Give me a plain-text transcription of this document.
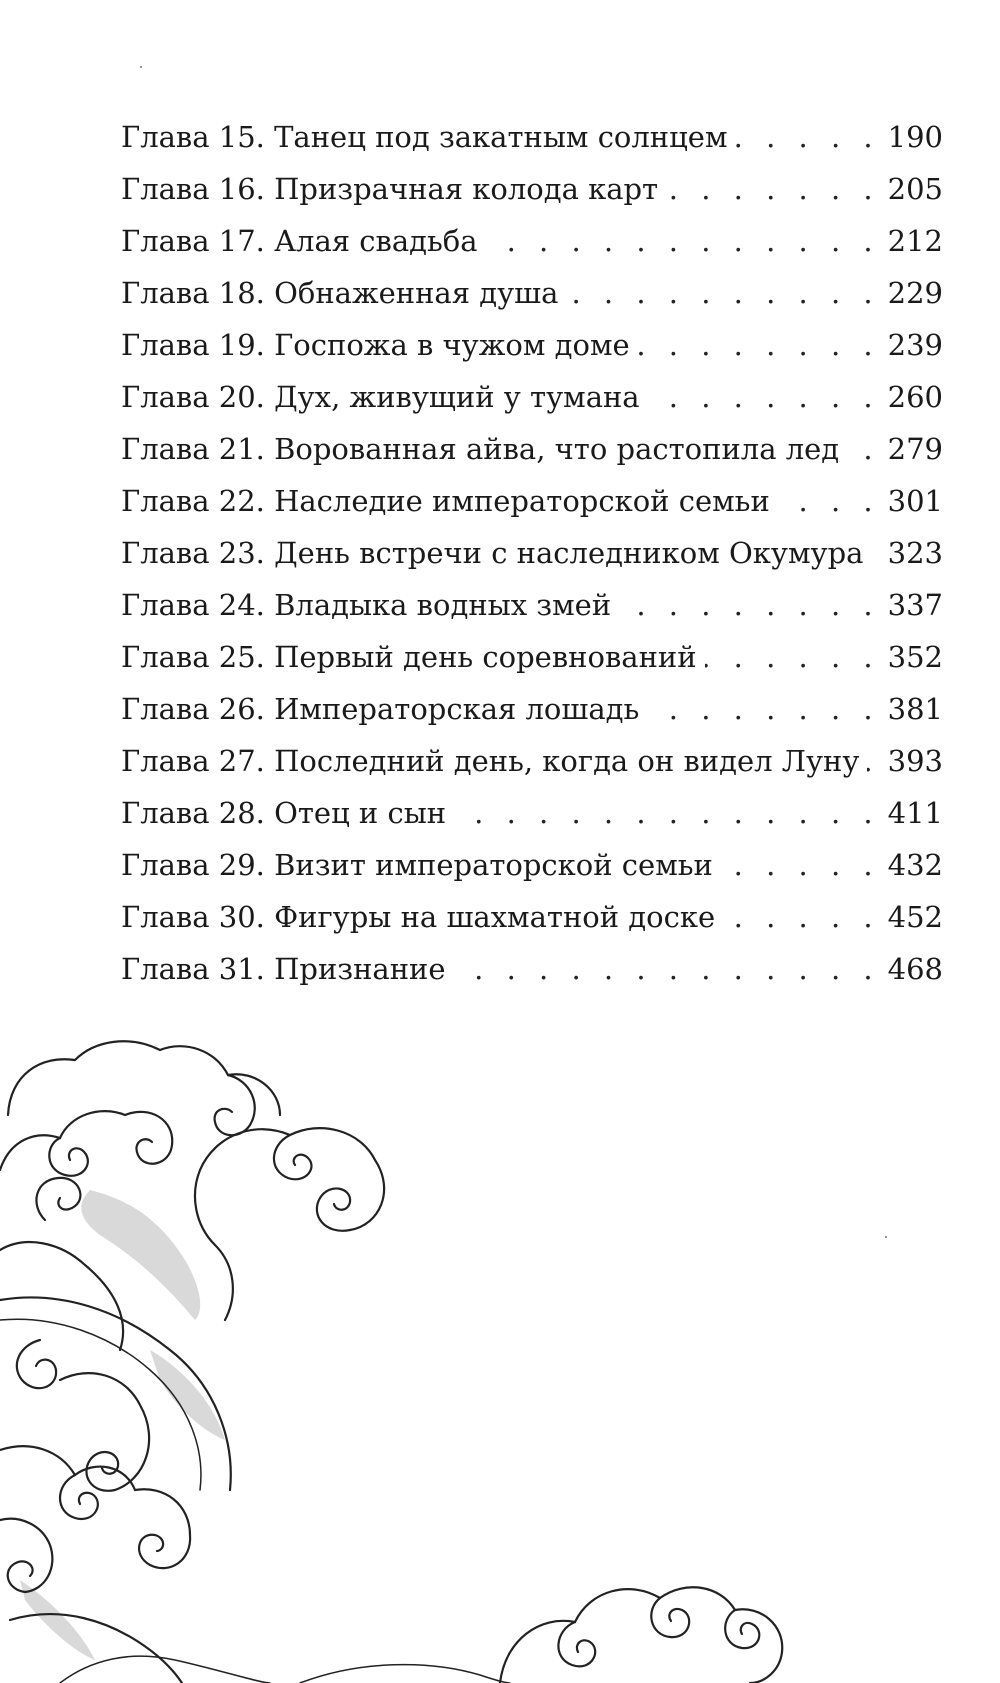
Глава 15. Танец под закатным солнцем . . .	190
Глава 16. Призрачная колода карт . . .	205
Глава 17. Алая свадьба . . .	212
Глава 18. Обнаженная душа . . .	229
Глава 19. Госпожа в чужом доме . . .	239
Глава 20. Дух, живущий у тумана . . .	260
Глава 21. Ворованная айва, что растопила лед . . . 279
Глава 22. Наследие императорской семьи . . .	301
Глава 23. День встречи с наследником Окумура . . . 323
Глава 24. Владыка водных змей . . .	337
Глава 25. Первый день соревнований . . .	352
Глава 26. Императорская лошадь . . .	381
Глава 27. Последний день, когда он видел Луну . . . 393
Глава 28. Отец и сын . . .	411
Глава 29. Визит императорской семьи . . .	432
Глава 30. Фигуры на шахматной доске . . .	452
Глава 31. Признание . . .	468
